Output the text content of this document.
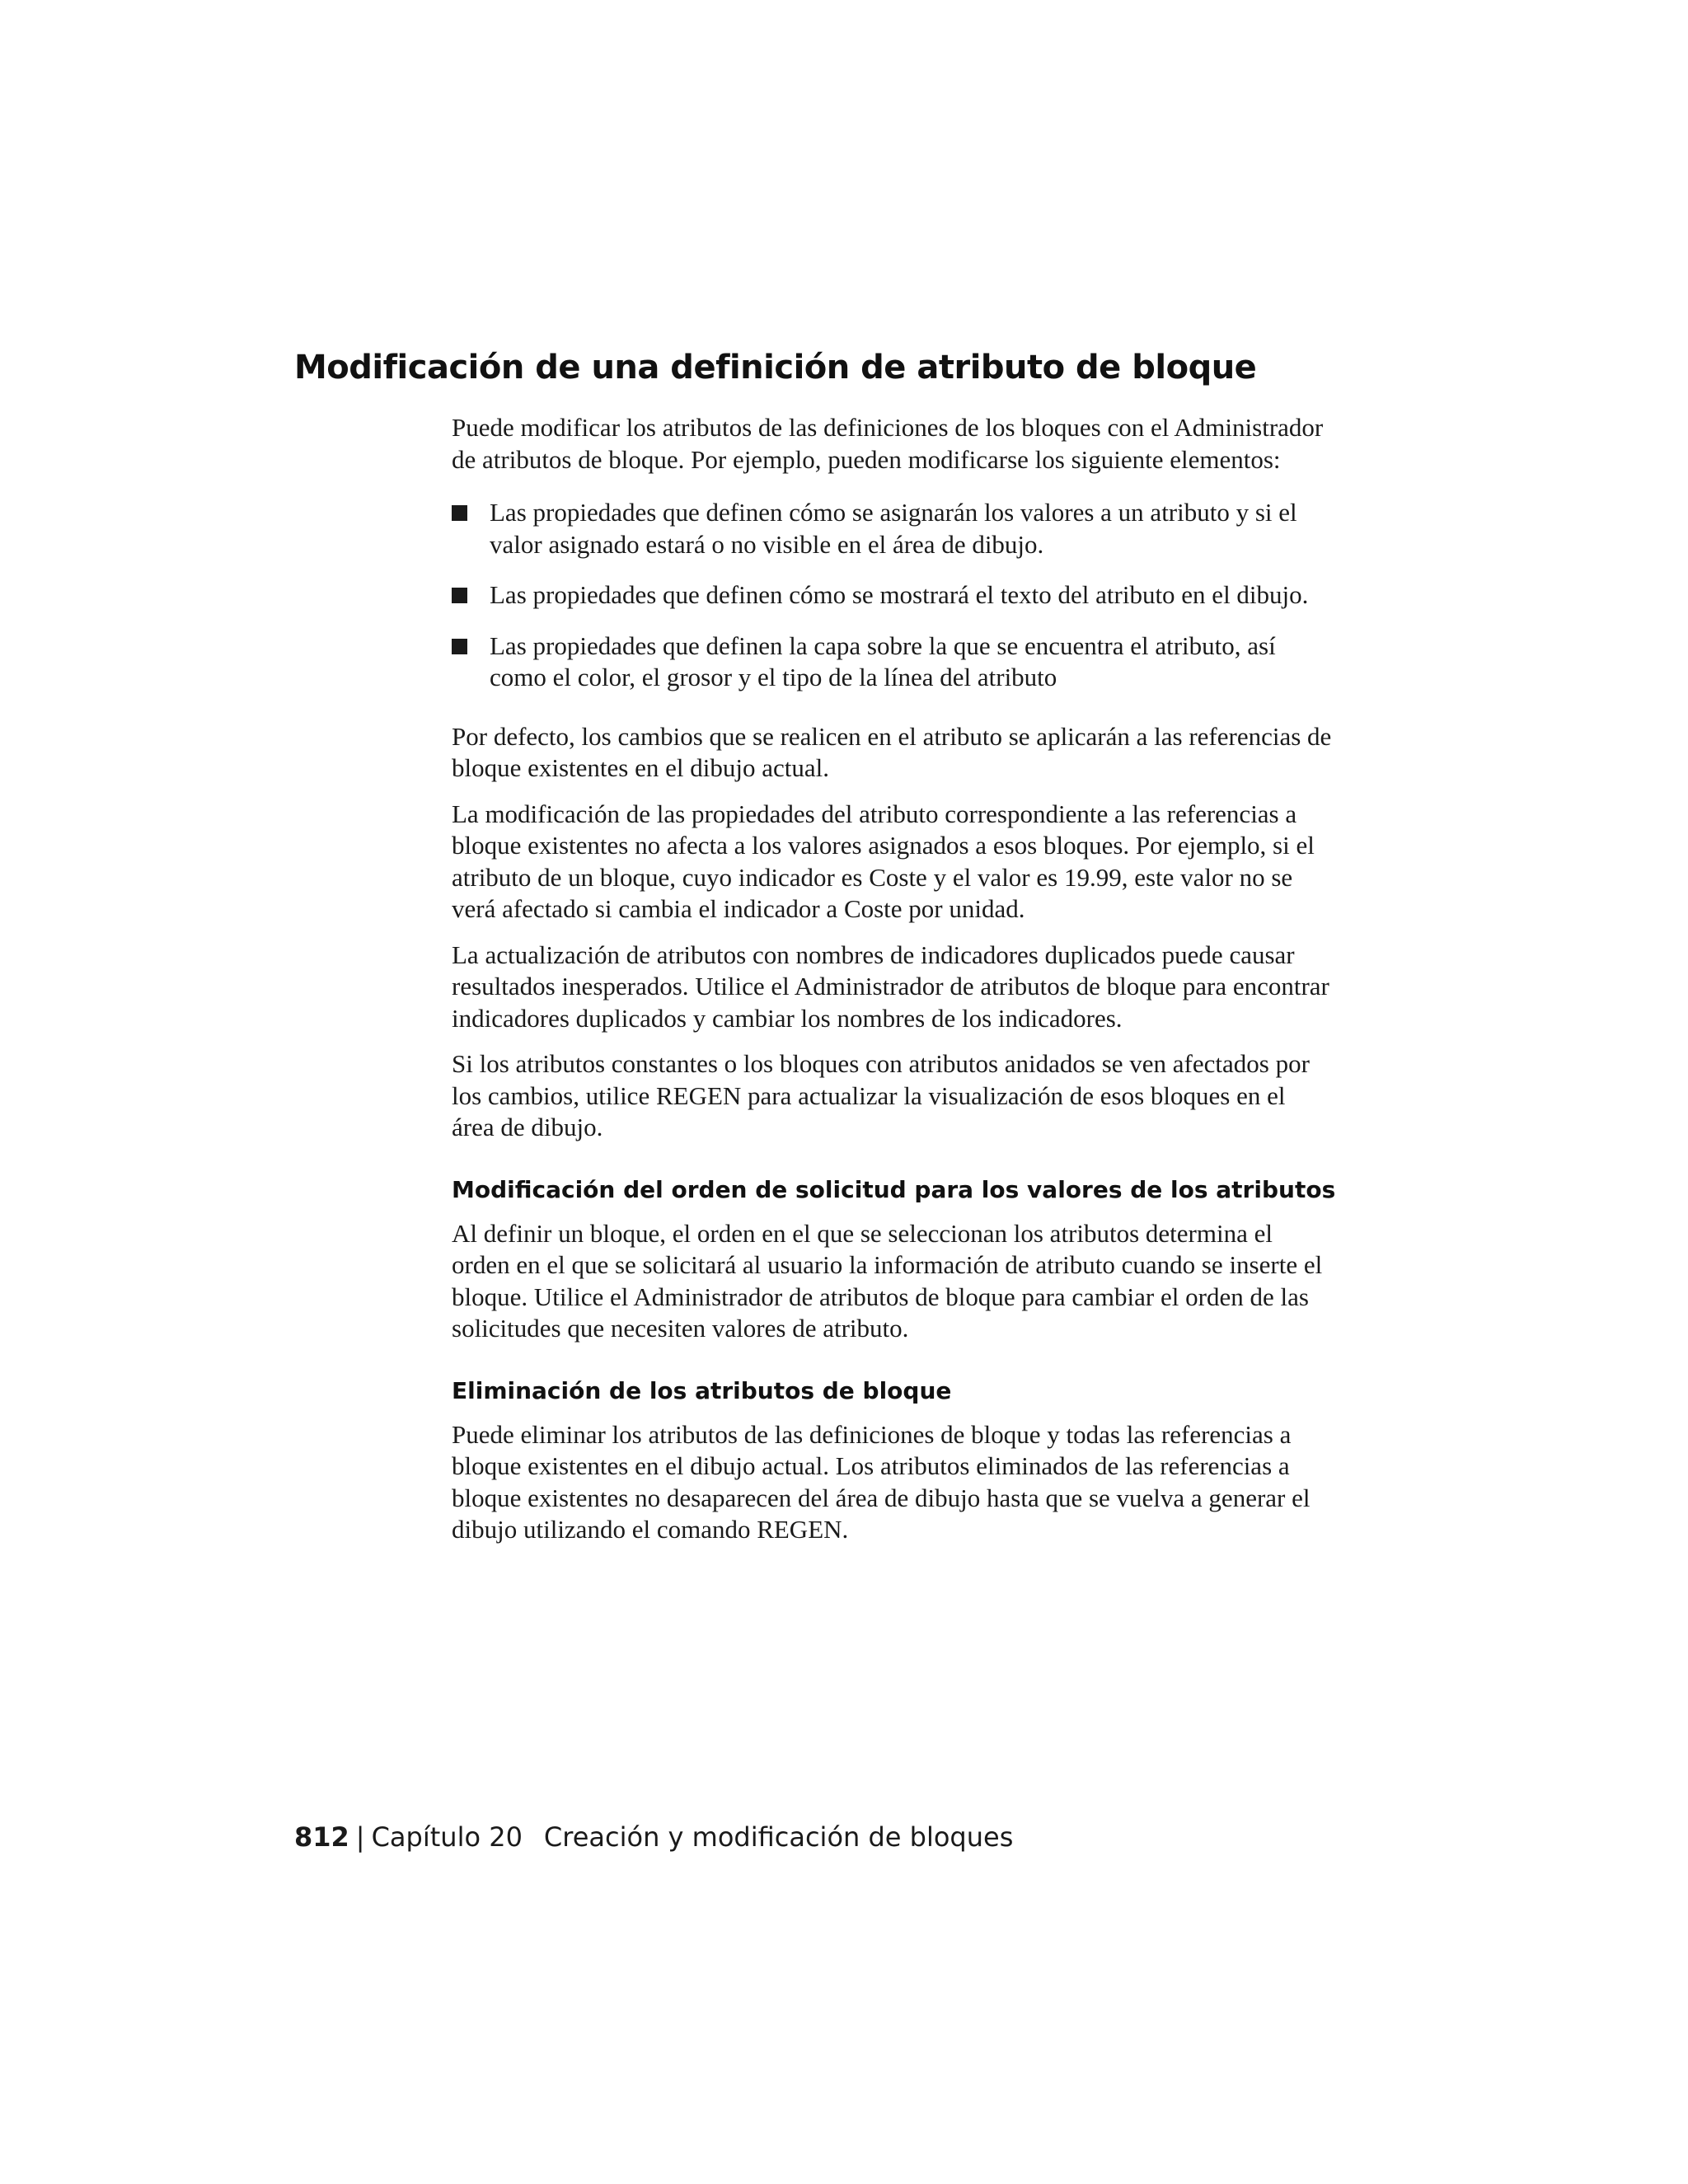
Modificación de una definición de atributo de bloque

Puede modificar los atributos de las definiciones de los bloques con el Administrador de atributos de bloque. Por ejemplo, pueden modificarse los siguiente elementos:

Las propiedades que definen cómo se asignarán los valores a un atributo y si el valor asignado estará o no visible en el área de dibujo.
Las propiedades que definen cómo se mostrará el texto del atributo en el dibujo.
Las propiedades que definen la capa sobre la que se encuentra el atributo, así como el color, el grosor y el tipo de la línea del atributo

Por defecto, los cambios que se realicen en el atributo se aplicarán a las referencias de bloque existentes en el dibujo actual.

La modificación de las propiedades del atributo correspondiente a las referencias a bloque existentes no afecta a los valores asignados a esos bloques. Por ejemplo, si el atributo de un bloque, cuyo indicador es Coste y el valor es 19.99, este valor no se verá afectado si cambia el indicador a Coste por unidad.

La actualización de atributos con nombres de indicadores duplicados puede causar resultados inesperados. Utilice el Administrador de atributos de bloque para encontrar indicadores duplicados y cambiar los nombres de los indicadores.

Si los atributos constantes o los bloques con atributos anidados se ven afectados por los cambios, utilice REGEN para actualizar la visualización de esos bloques en el área de dibujo.

Modificación del orden de solicitud para los valores de los atributos

Al definir un bloque, el orden en el que se seleccionan los atributos determina el orden en el que se solicitará al usuario la información de atributo cuando se inserte el bloque. Utilice el Administrador de atributos de bloque para cambiar el orden de las solicitudes que necesiten valores de atributo.

Eliminación de los atributos de bloque

Puede eliminar los atributos de las definiciones de bloque y todas las referencias a bloque existentes en el dibujo actual. Los atributos eliminados de las referencias a bloque existentes no desaparecen del área de dibujo hasta que se vuelva a generar el dibujo utilizando el comando REGEN.

812 | Capítulo 20 Creación y modificación de bloques
